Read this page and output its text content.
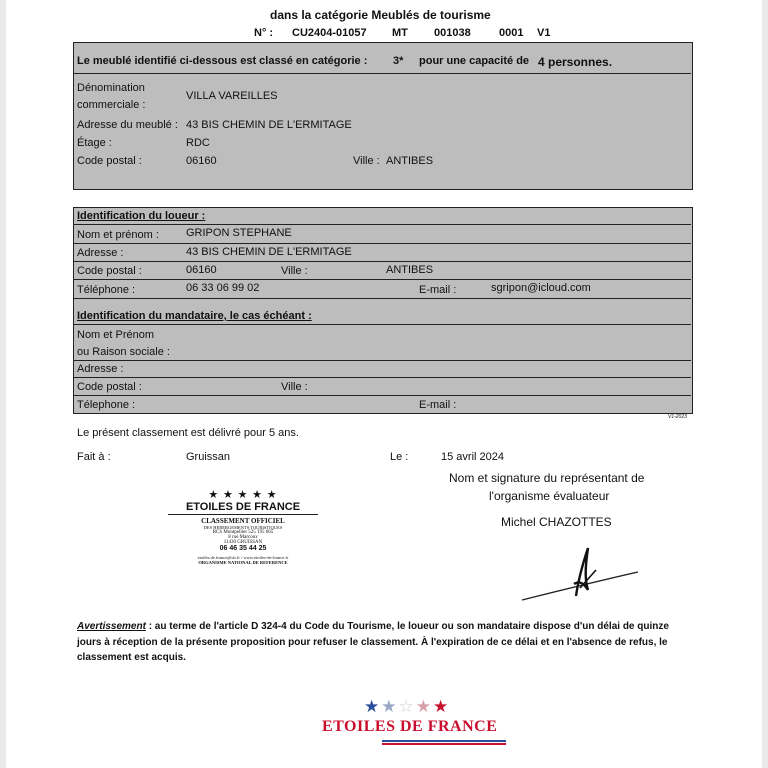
dans la catégorie Meublés de tourisme
N° : CU2404-01057 MT 001038	0001 V1
Le meublé identifié ci-dessous est classé en catégorie : 3* pour une capacité de 4 personnes.
Dénomination
commerciale :
VILLA VAREILLES
Adresse du meublé : 43 BIS CHEMIN DE L'ERMITAGE
Étage :	RDC
Code postal :	06160	Ville : ANTIBES
Identification du loueur :
Nom et prénom : GRIPON STEPHANE
Adresse :	43 BIS CHEMIN DE L'ERMITAGE
Code postal :	06160	Ville :	ANTIBES
Téléphone :	06 33 06 99 02	E-mail :	sgripon@icloud.com
Identification du mandataire, le cas échéant :
Nom et Prénom
ou Raison sociale :
Adresse :
Code postal :	Ville :
Télephone :	E-mail :
V1-2023
Le présent classement est délivré pour 5 ans.
Fait à :	Gruissan	Le :	15 avril 2024
Nom et signature du représentant de
l'organisme évaluateur
Michel CHAZOTTES
★ ★ ★ ★ ★
ETOILES DE FRANCE
CLASSEMENT OFFICIEL
DES HEBERGEMENTS TOURISTIQUES
RCS Montpellier 525 195 665
8 rue Marcoux
11430 GRUISSAN
06 46 35 44 25
etoiles.de.france@sfr.fr / www.etoiles-de-france.fr
ORGANISME NATIONAL DE REFERENCE
Avertissement : au terme de l'article D 324-4 du Code du Tourisme, le loueur ou son mandataire dispose d'un délai de quinze
jours à réception de la présente proposition pour refuser le classement. À l'expiration de ce délai et en l'absence de refus, le
classement est acquis.
★★☆★★
ETOILES DE FRANCE
